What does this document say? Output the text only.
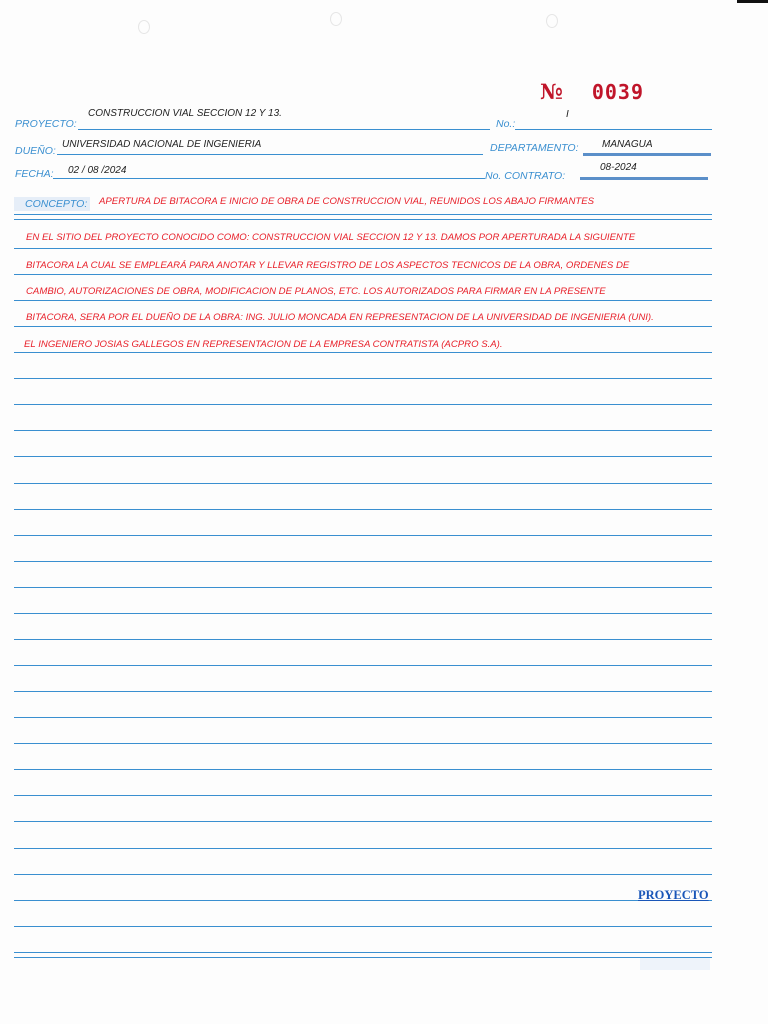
№ 0039
PROYECTO:
CONSTRUCCION VIAL SECCION 12 Y 13.
No.:
I
DUEÑO:
UNIVERSIDAD NACIONAL DE INGENIERIA	DEPARTAMENTO: MANAGUA
FECHA: 02 / 08 /2024	No. CONTRATO:
08-2024
CONCEPTO: APERTURA DE BITACORA E INICIO DE OBRA DE CONSTRUCCION VIAL, REUNIDOS LOS ABAJO FIRMANTES
EN EL SITIO DEL PROYECTO CONOCIDO COMO: CONSTRUCCION VIAL SECCION 12 Y 13. DAMOS POR APERTURADA LA SIGUIENTE
BITACORA LA CUAL SE EMPLEARÁ PARA ANOTAR Y LLEVAR REGISTRO DE LOS ASPECTOS TECNICOS DE LA OBRA, ORDENES DE
CAMBIO, AUTORIZACIONES DE OBRA, MODIFICACION DE PLANOS, ETC. LOS AUTORIZADOS PARA FIRMAR EN LA PRESENTE
BITACORA, SERA POR EL DUEÑO DE LA OBRA: ING. JULIO MONCADA EN REPRESENTACION DE LA UNIVERSIDAD DE INGENIERIA (UNI).
EL INGENIERO JOSIAS GALLEGOS EN REPRESENTACION DE LA EMPRESA CONTRATISTA (ACPRO S.A).
PROYECTO
